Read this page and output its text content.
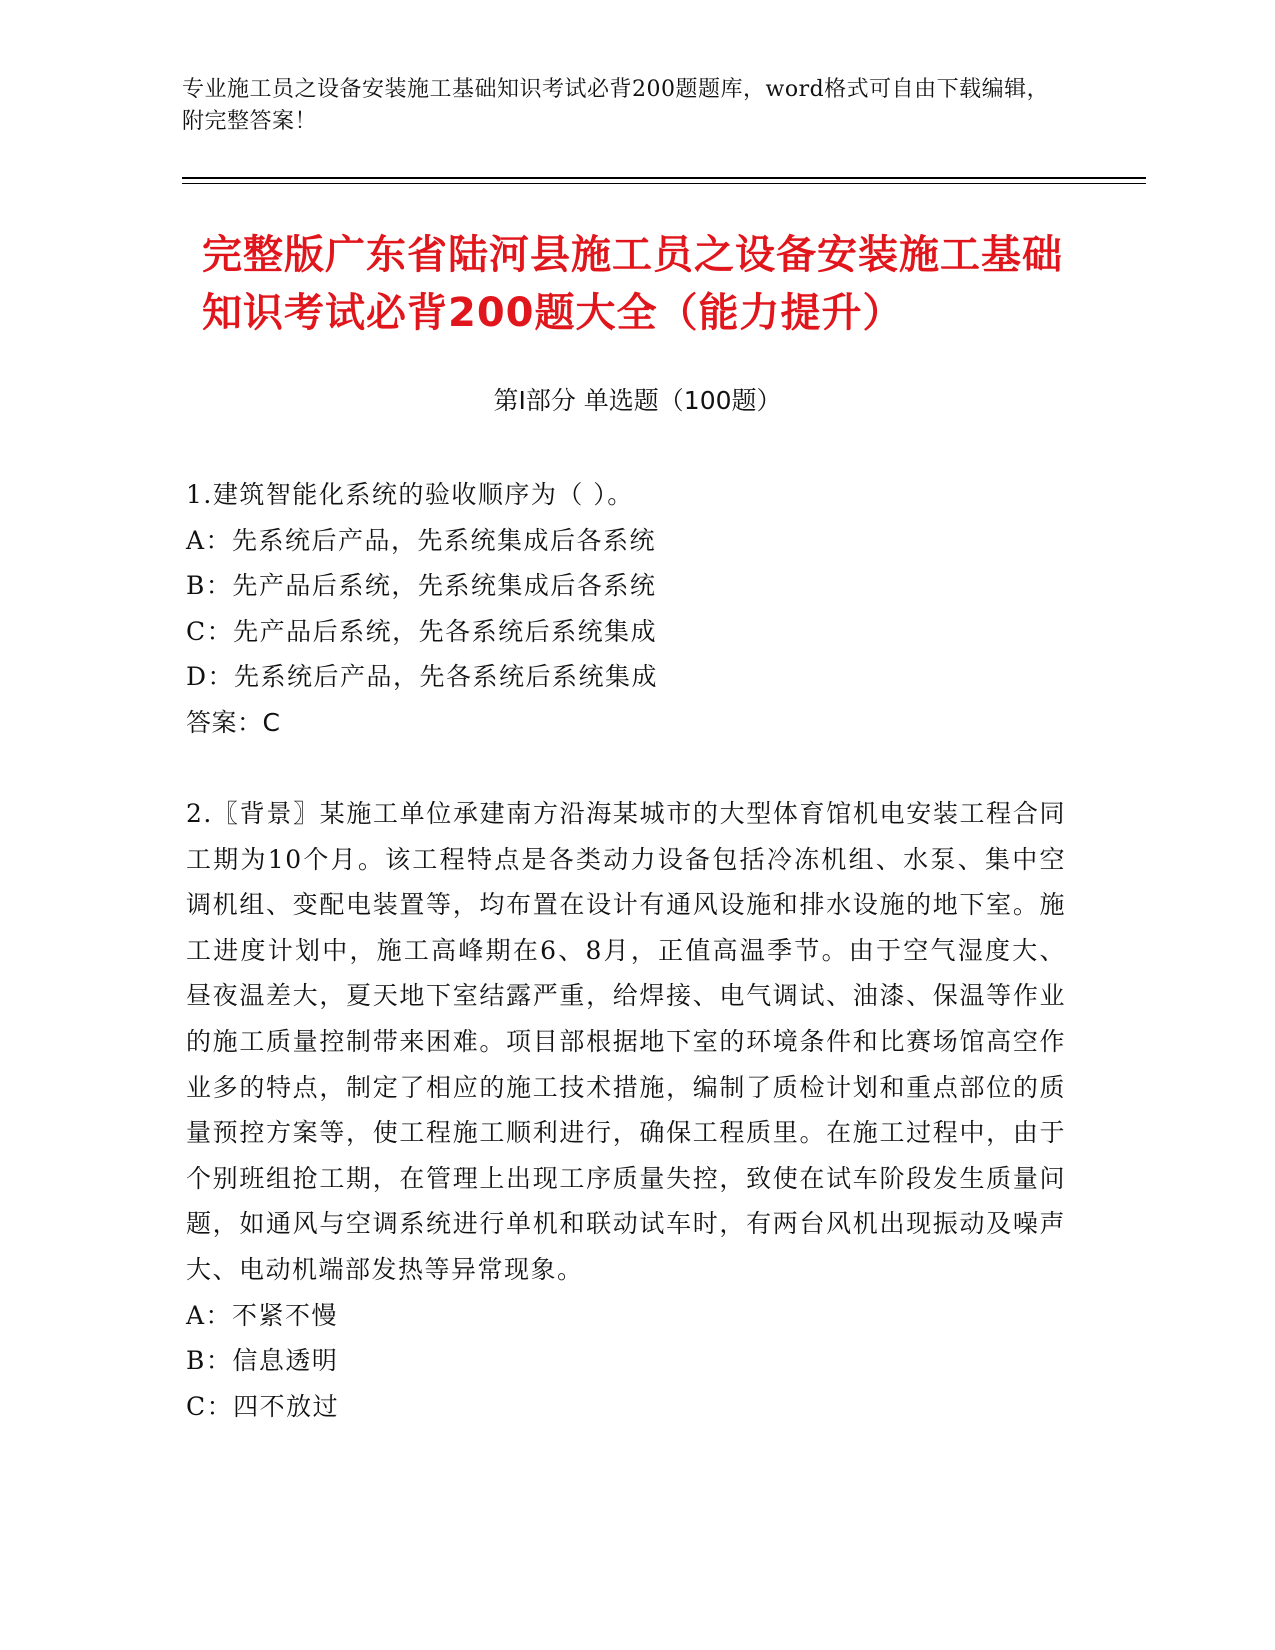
专业施工员之设备安装施工基础知识考试必背200题题库，word格式可自由下载编辑，附完整答案！
完整版广东省陆河县施工员之设备安装施工基础知识考试必背200题大全（能力提升）
第Ⅰ部分 单选题（100题）

1.建筑智能化系统的验收顺序为（ ）。

A：先系统后产品，先系统集成后各系统

B：先产品后系统，先系统集成后各系统

C：先产品后系统，先各系统后系统集成

D：先系统后产品，先各系统后系统集成

答案：C

2.〖背景〗某施工单位承建南方沿海某城市的大型体育馆机电安装工程合同工期为10个月。该工程特点是各类动力设备包括冷冻机组、水泵、集中空调机组、变配电装置等，均布置在设计有通风设施和排水设施的地下室。施工进度计划中，施工高峰期在6、8月，正值高温季节。由于空气湿度大、昼夜温差大，夏天地下室结露严重，给焊接、电气调试、油漆、保温等作业的施工质量控制带来困难。项目部根据地下室的环境条件和比赛场馆高空作业多的特点，制定了相应的施工技术措施，编制了质检计划和重点部位的质量预控方案等，使工程施工顺利进行，确保工程质里。在施工过程中，由于个别班组抢工期，在管理上出现工序质量失控，致使在试车阶段发生质量问题，如通风与空调系统进行单机和联动试车时，有两台风机出现振动及噪声大、电动机端部发热等异常现象。

A：不紧不慢

B：信息透明

C：四不放过
